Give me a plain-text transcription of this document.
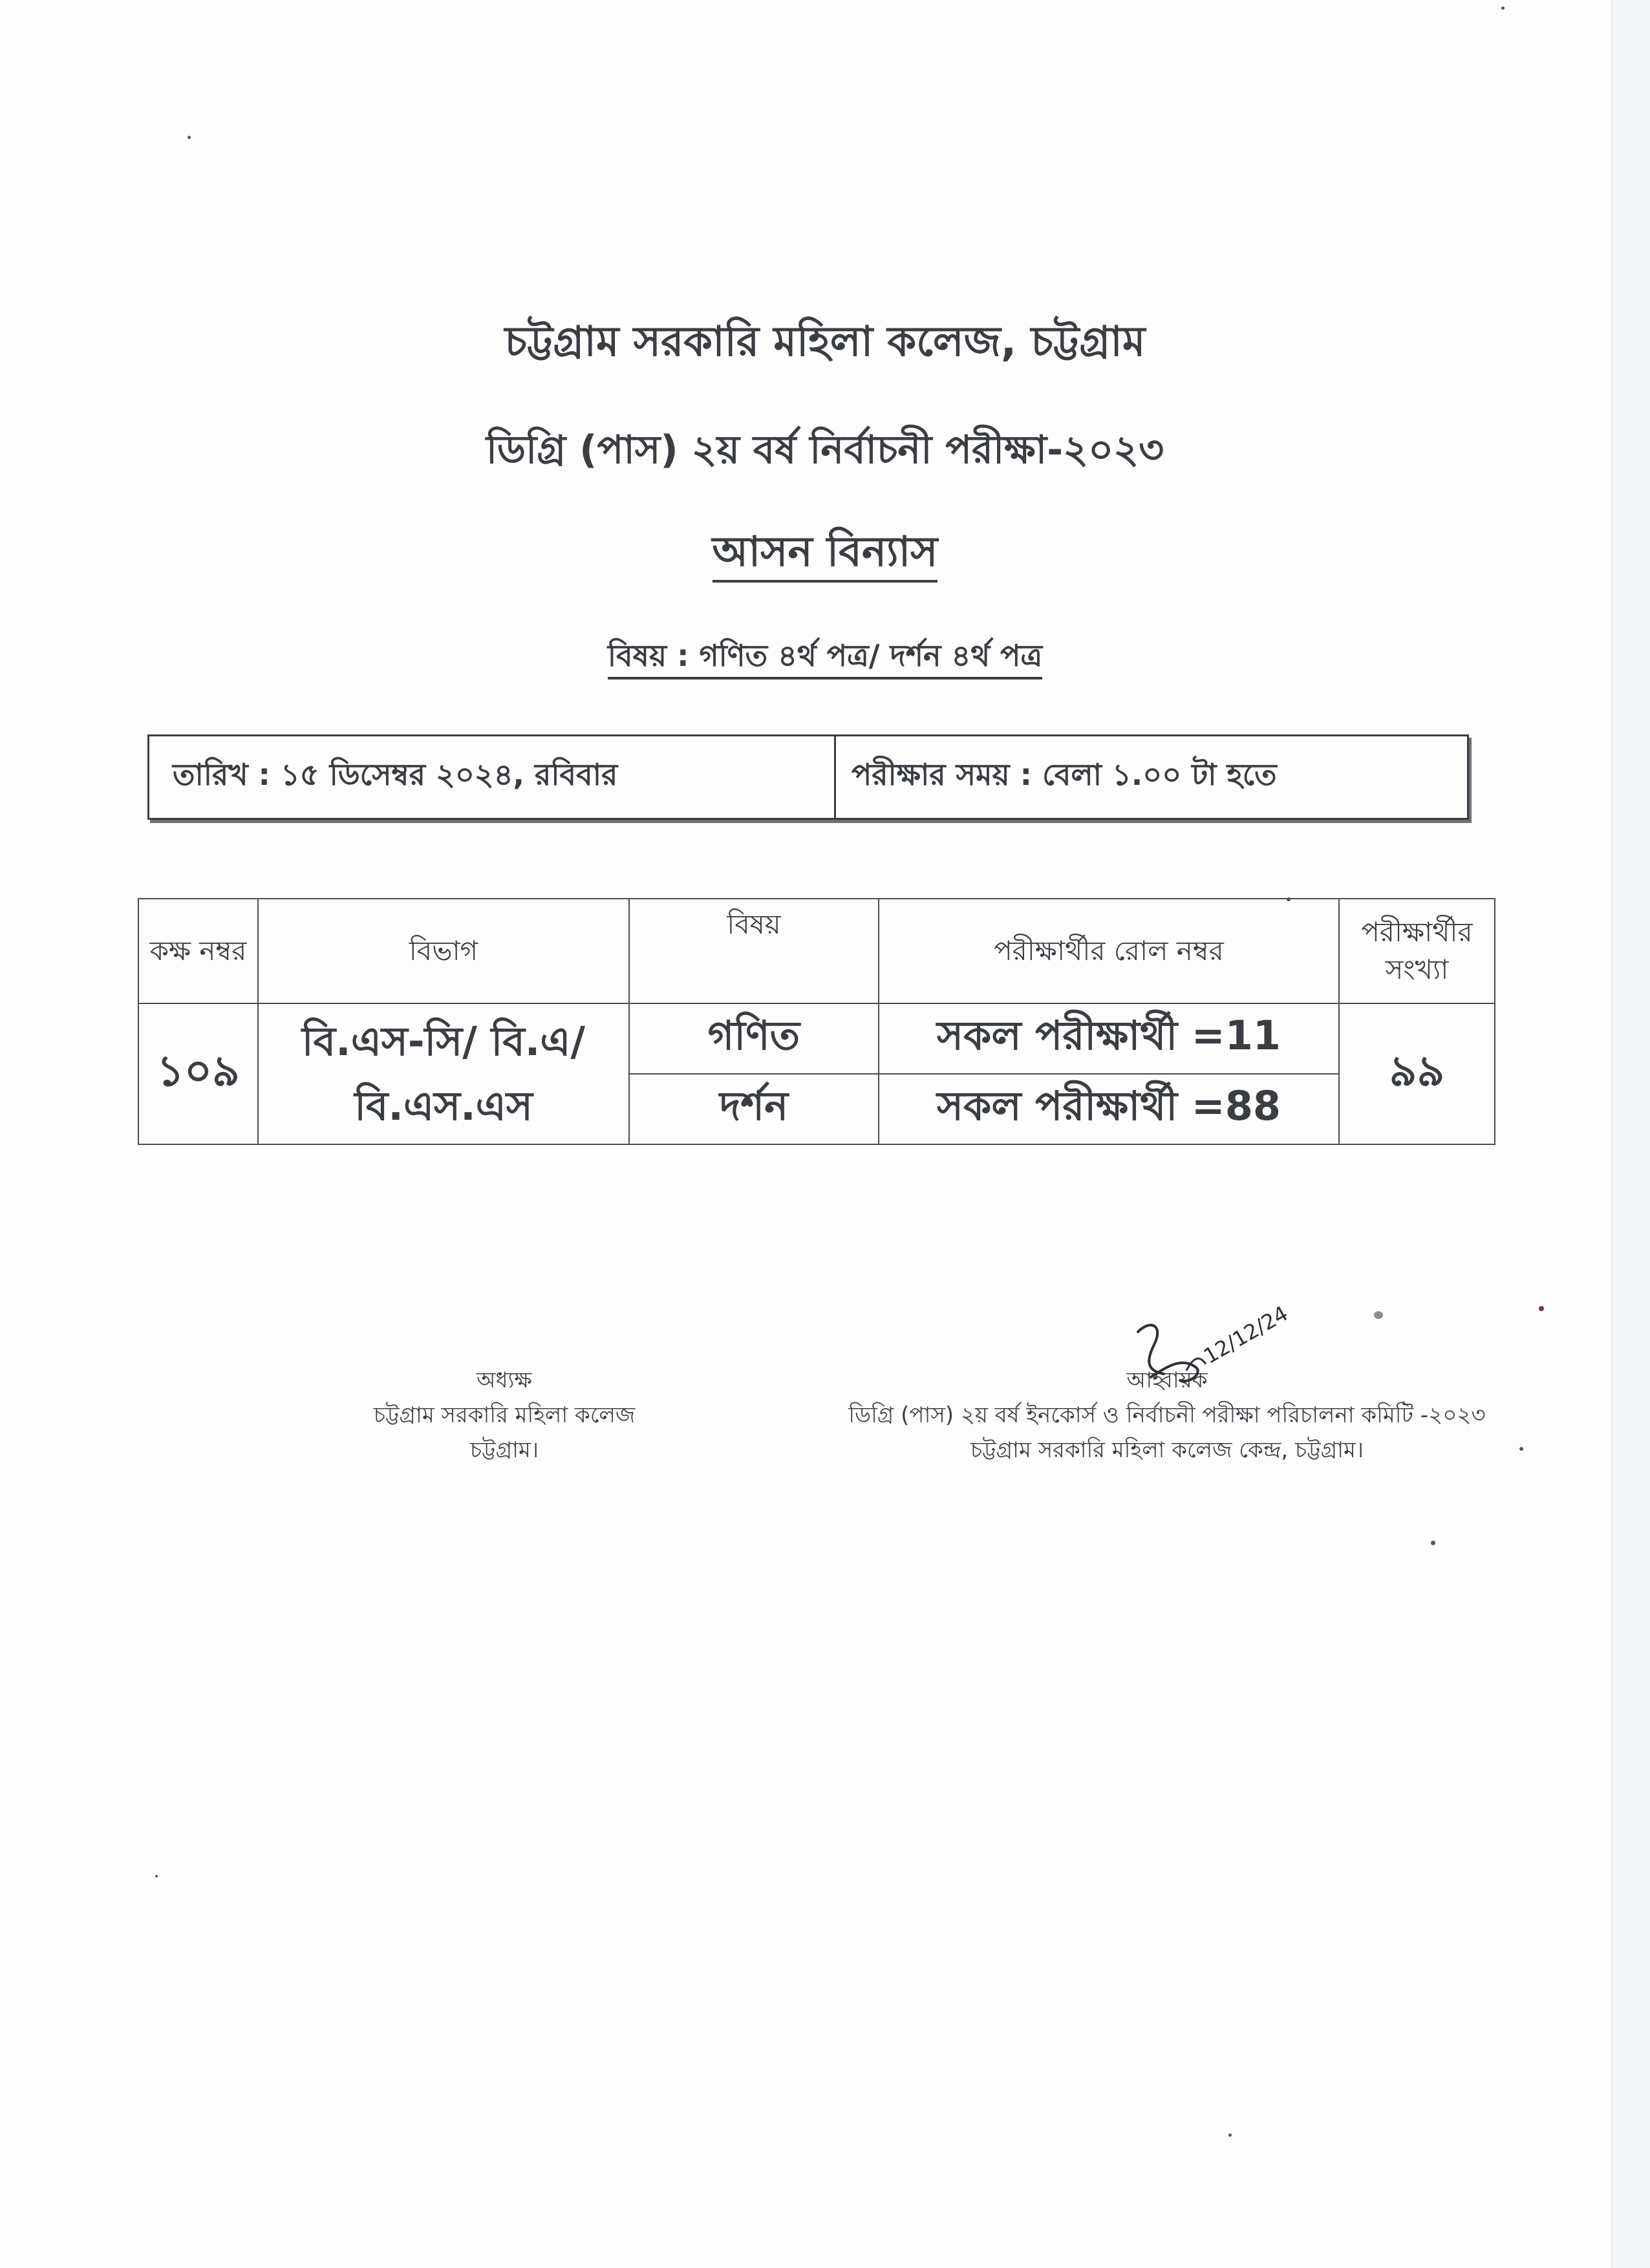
চট্টগ্রাম সরকারি মহিলা কলেজ, চট্টগ্রাম
ডিগ্রি (পাস) ২য় বর্ষ নির্বাচনী পরীক্ষা-২০২৩
আসন বিন্যাস
বিষয় : গণিত ৪র্থ পত্র/ দর্শন ৪র্থ পত্র
তারিখ : ১৫ ডিসেম্বর ২০২৪, রবিবার	পরীক্ষার সময় : বেলা ১.০০ টা হতে
কক্ষ নম্বর	বিভাগ	বিষয়	পরীক্ষার্থীর রোল নম্বর	পরীক্ষার্থীর সংখ্যা
১০৯	বি.এস-সি/ বি.এ/বি.এস.এস	গণিত	সকল পরীক্ষার্থী =11	৯৯
		দর্শন	সকল পরীক্ষার্থী =88	
অধ্যক্ষ
চট্টগ্রাম সরকারি মহিলা কলেজ
চট্টগ্রাম।
আহ্বায়ক
ডিগ্রি (পাস) ২য় বর্ষ ইনকোর্স ও নির্বাচনী পরীক্ষা পরিচালনা কমিটি -২০২৩
চট্টগ্রাম সরকারি মহিলা কলেজ কেন্দ্র, চট্টগ্রাম।
12/12/24
